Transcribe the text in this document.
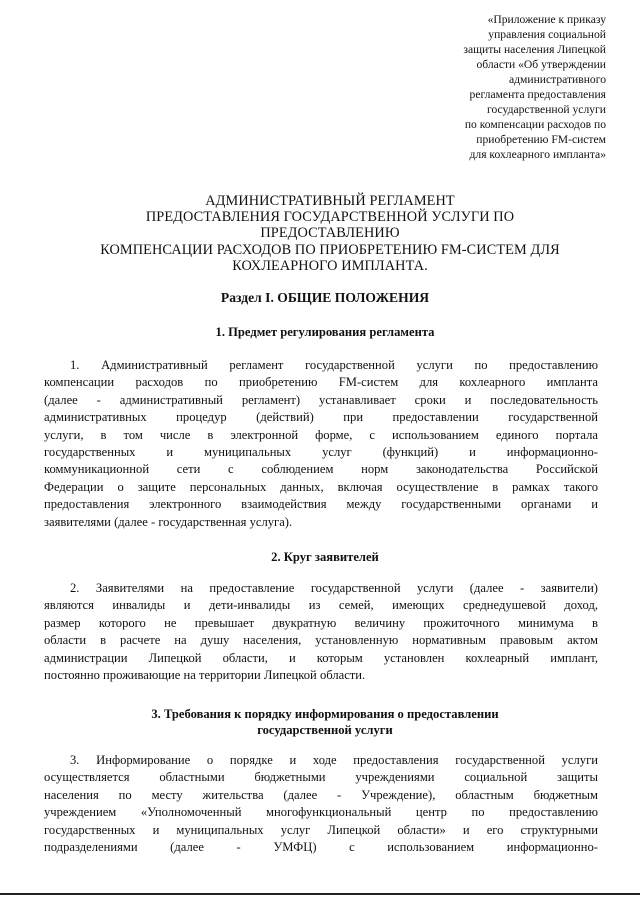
«Приложение к приказу
управления социальной
защиты населения Липецкой
области «Об утверждении
административного
регламента предоставления
государственной услуги
по компенсации расходов по
приобретению FM-систем
для кохлеарного импланта»
АДМИНИСТРАТИВНЫЙ РЕГЛАМЕНТ
ПРЕДОСТАВЛЕНИЯ ГОСУДАРСТВЕННОЙ УСЛУГИ ПО
ПРЕДОСТАВЛЕНИЮ
КОМПЕНСАЦИИ РАСХОДОВ ПО ПРИОБРЕТЕНИЮ FM-СИСТЕМ ДЛЯ
КОХЛЕАРНОГО ИМПЛАНТА.
Раздел I. ОБЩИЕ ПОЛОЖЕНИЯ
1. Предмет регулирования регламента
1. Административный регламент государственной услуги по предоставлению
компенсации расходов по приобретению FM-систем для кохлеарного импланта
(далее - административный регламент) устанавливает сроки и последовательность
административных процедур (действий) при предоставлении государственной
услуги, в том числе в электронной форме, с использованием единого портала
государственных и муниципальных услуг (функций) и информационно-
коммуникационной сети с соблюдением норм законодательства Российской
Федерации о защите персональных данных, включая осуществление в рамках такого
предоставления электронного взаимодействия между государственными органами и
заявителями (далее - государственная услуга).
2. Круг заявителей
2. Заявителями на предоставление государственной услуги (далее - заявители)
являются инвалиды и дети-инвалиды из семей, имеющих среднедушевой доход,
размер которого не превышает двукратную величину прожиточного минимума в
области в расчете на душу населения, установленную нормативным правовым актом
администрации Липецкой области, и которым установлен кохлеарный имплант,
постоянно проживающие на территории Липецкой области.
3. Требования к порядку информирования о предоставлении
государственной услуги
3. Информирование о порядке и ходе предоставления государственной услуги
осуществляется областными бюджетными учреждениями социальной защиты
населения по месту жительства (далее - Учреждение), областным бюджетным
учреждением «Уполномоченный многофункциональный центр по предоставлению
государственных и муниципальных услуг Липецкой области» и его структурными
подразделениями (далее - УМФЦ) с использованием информационно-
